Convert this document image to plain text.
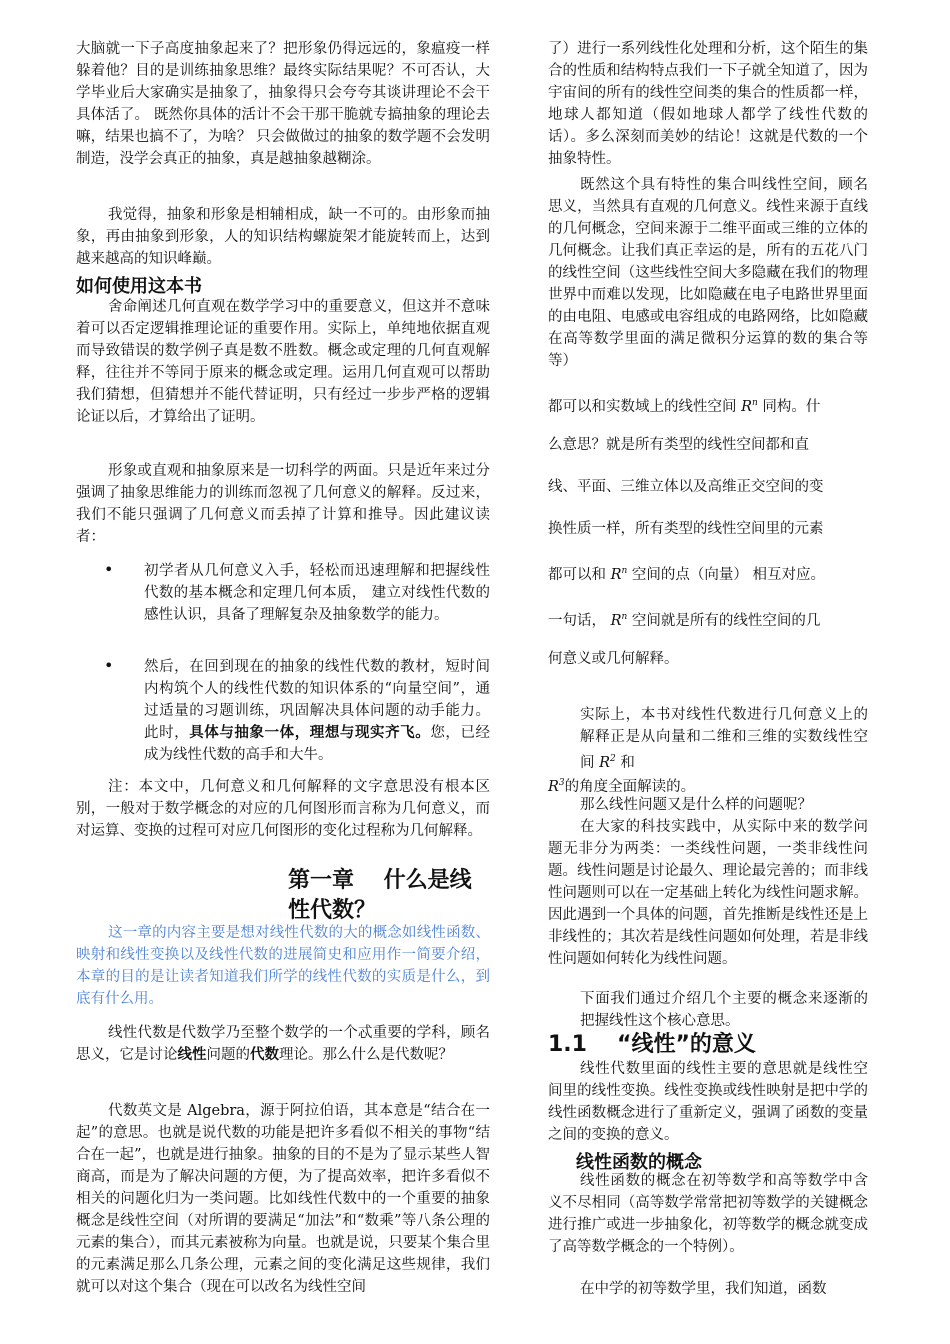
大脑就一下子高度抽象起来了？把形象仍得远远的，象瘟疫一样躲着他？目的是训练抽象思维？最终实际结果呢？不可否认，大学毕业后大家确实是抽象了，抽象得只会夸夸其谈讲理论不会干具体活了。 既然你具体的活计不会干那干脆就专搞抽象的理论去嘛，结果也搞不了，为啥？ 只会做做过的抽象的数学题不会发明制造，没学会真正的抽象，真是越抽象越糊涂。

我觉得，抽象和形象是相辅相成，缺一不可的。由形象而抽象，再由抽象到形象，人的知识结构螺旋架才能旋转而上，达到越来越高的知识峰巅。

如何使用这本书

舍命阐述几何直观在数学学习中的重要意义，但这并不意味着可以否定逻辑推理论证的重要作用。实际上，单纯地依据直观而导致错误的数学例子真是数不胜数。概念或定理的几何直观解释，往往并不等同于原来的概念或定理。运用几何直观可以帮助我们猜想，但猜想并不能代替证明，只有经过一步步严格的逻辑论证以后，才算给出了证明。

形象或直观和抽象原来是一切科学的两面。只是近年来过分强调了抽象思维能力的训练而忽视了几何意义的解释。反过来，我们不能只强调了几何意义而丢掉了计算和推导。因此建议读者：

• 初学者从几何意义入手，轻松而迅速理解和把握线性代数的基本概念和定理几何本质， 建立对线性代数的感性认识，具备了理解复杂及抽象数学的能力。

• 然后，在回到现在的抽象的线性代数的教材，短时间内构筑个人的线性代数的知识体系的“向量空间”，通过适量的习题训练，巩固解决具体问题的动手能力。此时，具体与抽象一体，理想与现实齐飞。您，已经成为线性代数的高手和大牛。

注：本文中，几何意义和几何解释的文字意思没有根本区别，一般对于数学概念的对应的几何图形而言称为几何意义，而对运算、变换的过程可对应几何图形的变化过程称为几何解释。

第一章　 什么是线性代数？

这一章的内容主要是想对线性代数的大的概念如线性函数、映射和线性变换以及线性代数的进展简史和应用作一简要介绍，本章的目的是让读者知道我们所学的线性代数的实质是什么，到底有什么用。

线性代数是代数学乃至整个数学的一个忒重要的学科，顾名思义，它是讨论线性问题的代数理论。那么什么是代数呢？

代数英文是 Algebra，源于阿拉伯语，其本意是“结合在一起”的意思。也就是说代数的功能是把许多看似不相关的事物“结合在一起”，也就是进行抽象。抽象的目的不是为了显示某些人智商高，而是为了解决问题的方便，为了提高效率，把许多看似不相关的问题化归为一类问题。比如线性代数中的一个重要的抽象概念是线性空间（对所谓的要满足“加法”和“数乘”等八条公理的元素的集合），而其元素被称为向量。也就是说，只要某个集合里的元素满足那么几条公理，元素之间的变化满足这些规律，我们就可以对这个集合（现在可以改名为线性空间

了）进行一系列线性化处理和分析，这个陌生的集合的性质和结构特点我们一下子就全知道了，因为宇宙间的所有的线性空间类的集合的性质都一样，地球人都知道（假如地球人都学了线性代数的话）。多么深刻而美妙的结论！这就是代数的一个抽象特性。

既然这个具有特性的集合叫线性空间，顾名思义，当然具有直观的几何意义。线性来源于直线的几何概念，空间来源于二维平面或三维的立体的几何概念。让我们真正幸运的是，所有的五花八门的线性空间（这些线性空间大多隐藏在我们的物理世界中而难以发现，比如隐藏在电子电路世界里面的由电阻、电感或电容组成的电路网络，比如隐藏在高等数学里面的满足微积分运算的数的集合等等）

都可以和实数域上的线性空间 $R^n$ 同构。什

么意思？就是所有类型的线性空间都和直

线、平面、三维立体以及高维正交空间的变

换性质一样，所有类型的线性空间里的元素

都可以和 $R^n$ 空间的点（向量） 相互对应。

一句话， $R^n$ 空间就是所有的线性空间的几

何意义或几何解释。

实际上，本书对线性代数进行几何意义上的解释正是从向量和二维和三维的实数线性空间 $R^2$ 和

$R^3$的角度全面解读的。

那么线性问题又是什么样的问题呢？

在大家的科技实践中，从实际中来的数学问题无非分为两类：一类线性问题，一类非线性问题。线性问题是讨论最久、理论最完善的；而非线性问题则可以在一定基础上转化为线性问题求解。因此遇到一个具体的问题，首先推断是线性还是上非线性的；其次若是线性问题如何处理，若是非线性问题如何转化为线性问题。

下面我们通过介绍几个主要的概念来逐渐的把握线性这个核心意思。

1.1 “线性”的意义

线性代数里面的线性主要的意思就是线性空间里的线性变换。线性变换或线性映射是把中学的线性函数概念进行了重新定义，强调了函数的变量之间的变换的意义。

线性函数的概念

线性函数的概念在初等数学和高等数学中含义不尽相同（高等数学常常把初等数学的关键概念进行推广或进一步抽象化，初等数学的概念就变成了高等数学概念的一个特例）。

在中学的初等数学里，我们知道，函数
